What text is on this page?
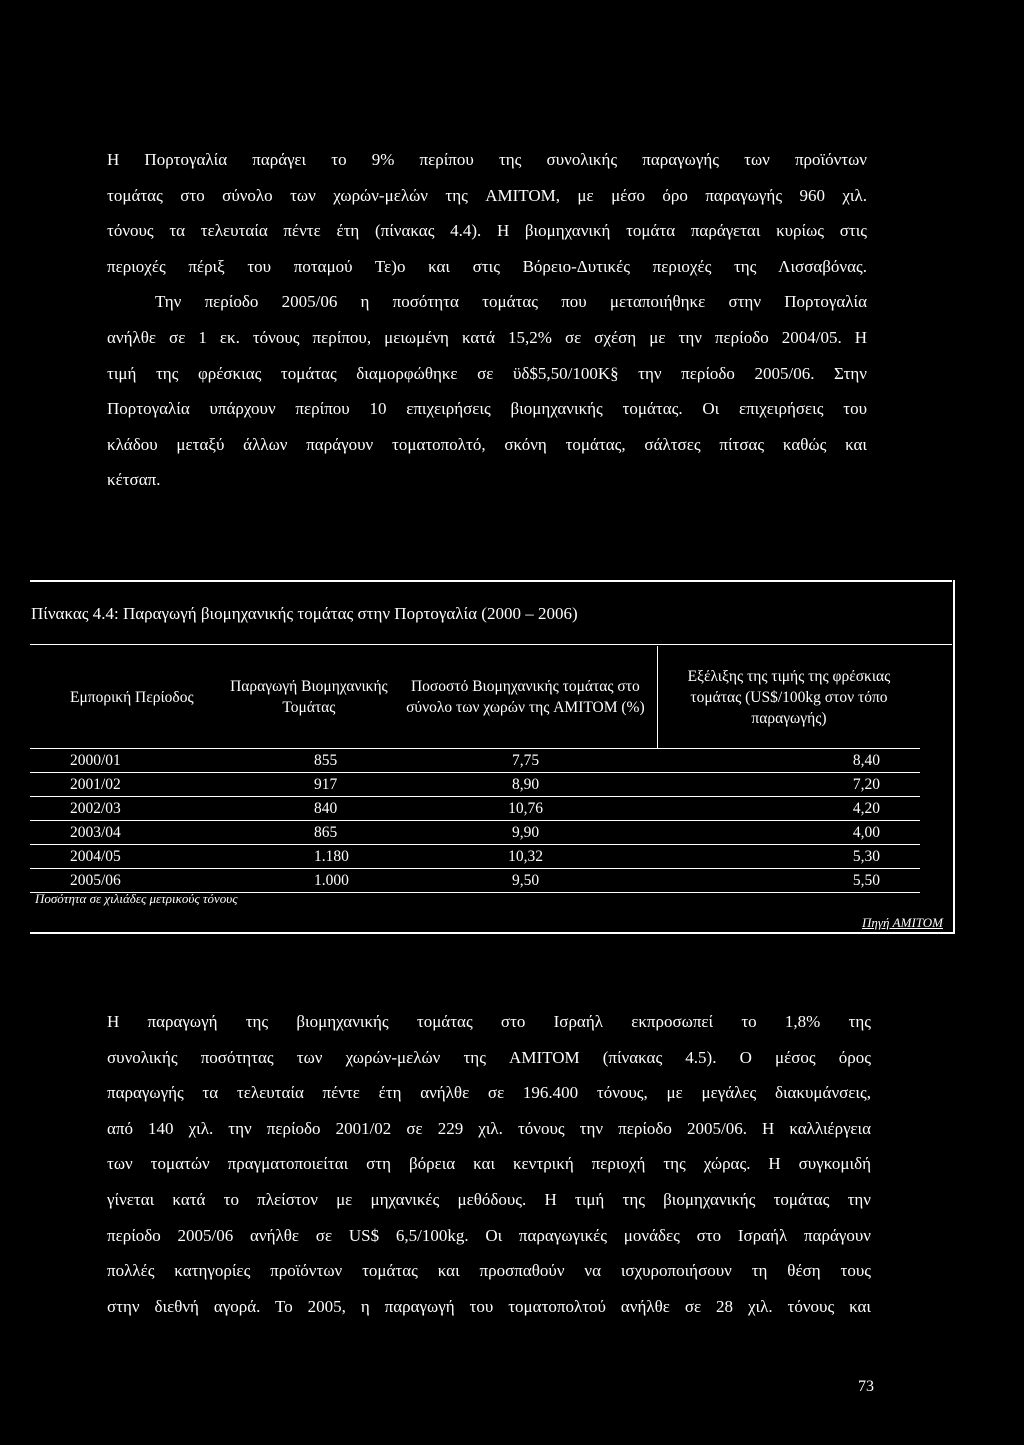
Η Πορτογαλία παράγει το 9% περίπου της συνολικής παραγωγής των προϊόντων
τομάτας στο σύνολο των χωρών-μελών της AMITOM, με μέσο όρο παραγωγής 960 χιλ.
τόνους τα τελευταία πέντε έτη (πίνακας 4.4). Η βιομηχανική τομάτα παράγεται κυρίως στις
περιοχές πέριξ του ποταμού Τε)ο και στις Βόρειο-Δυτικές περιοχές της Λισσαβόνας.
Την περίοδο 2005/06 η ποσότητα τομάτας που μεταποιήθηκε στην Πορτογαλία
ανήλθε σε 1 εκ. τόνους περίπου, μειωμένη κατά 15,2% σε σχέση με την περίοδο 2004/05. Η
τιμή της φρέσκιας τομάτας διαμορφώθηκε σε ϋδ$5,50/100Κ§ την περίοδο 2005/06. Στην
Πορτογαλία υπάρχουν περίπου 10 επιχειρήσεις βιομηχανικής τομάτας. Οι επιχειρήσεις του
κλάδου μεταξύ άλλων παράγουν τοματοπολτό, σκόνη τομάτας, σάλτσες πίτσας καθώς και
κέτσαπ.
Πίνακας 4.4: Παραγωγή βιομηχανικής τομάτας στην Πορτογαλία (2000 – 2006)
Εμπορική Περίοδος	Παραγωγή Βιομηχανικής Τομάτας	Ποσοστό Βιομηχανικής τομάτας στο σύνολο των χωρών της AMITOM (%)	Εξέλιξης της τιμής της φρέσκιας τομάτας (US$/100kg στον τόπο παραγωγής)
2000/01	855	7,75	8,40
2001/02	917	8,90	7,20
2002/03	840	10,76	4,20
2003/04	865	9,90	4,00
2004/05	1.180	10,32	5,30
2005/06	1.000	9,50	5,50
Ποσότητα σε χιλιάδες μετρικούς τόνους
Πηγή AMITOM
Η παραγωγή της βιομηχανικής τομάτας στο Ισραήλ εκπροσωπεί το 1,8% της
συνολικής ποσότητας των χωρών-μελών της AMITOM (πίνακας 4.5). Ο μέσος όρος
παραγωγής τα τελευταία πέντε έτη ανήλθε σε 196.400 τόνους, με μεγάλες διακυμάνσεις,
από 140 χιλ. την περίοδο 2001/02 σε 229 χιλ. τόνους την περίοδο 2005/06. Η καλλιέργεια
των τοματών πραγματοποιείται στη βόρεια και κεντρική περιοχή της χώρας. Η συγκομιδή
γίνεται κατά το πλείστον με μηχανικές μεθόδους. Η τιμή της βιομηχανικής τομάτας την
περίοδο 2005/06 ανήλθε σε US$ 6,5/100kg. Οι παραγωγικές μονάδες στο Ισραήλ παράγουν
πολλές κατηγορίες προϊόντων τομάτας και προσπαθούν να ισχυροποιήσουν τη θέση τους
στην διεθνή αγορά. Το 2005, η παραγωγή του τοματοπολτού ανήλθε σε 28 χιλ. τόνους και
73
